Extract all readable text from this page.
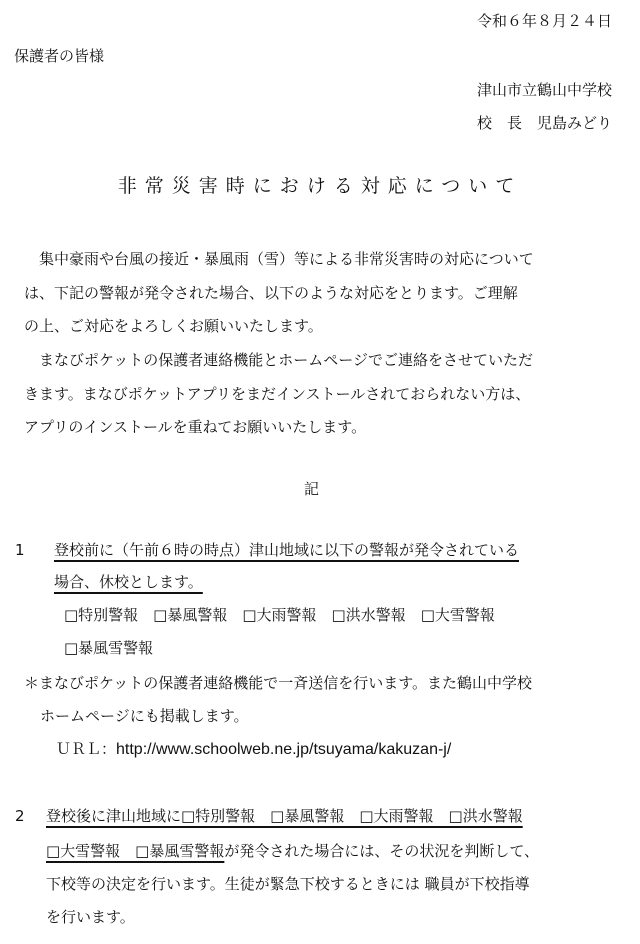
令和６年８月２４日
保護者の皆様
津山市立鶴山中学校
校　長　児島みどり
非常災害時における対応について
　集中豪雨や台風の接近・暴風雨（雪）等による非常災害時の対応について
は、下記の警報が発令された場合、以下のような対応をとります。ご理解
の上、ご対応をよろしくお願いいたします。
　まなびポケットの保護者連絡機能とホームページでご連絡をさせていただ
きます。まなびポケットアプリをまだインストールされておられない方は、
アプリのインストールを重ねてお願いいたします。
記
1 登校前に（午前６時の時点）津山地域に以下の警報が発令されている
場合、休校とします。
□特別警報　□暴風警報　□大雨警報　□洪水警報　□大雪警報
□暴風雪警報
＊まなびポケットの保護者連絡機能で一斉送信を行います。また鶴山中学校
ホームページにも掲載します。
ＵＲＬ：http://www.schoolweb.ne.jp/tsuyama/kakuzan-j/
2 登校後に津山地域に□特別警報　□暴風警報　□大雨警報　□洪水警報
□大雪警報　□暴風雪警報が発令された場合には、その状況を判断して、
下校等の決定を行います。生徒が緊急下校するときには 職員が下校指導
を行います。
